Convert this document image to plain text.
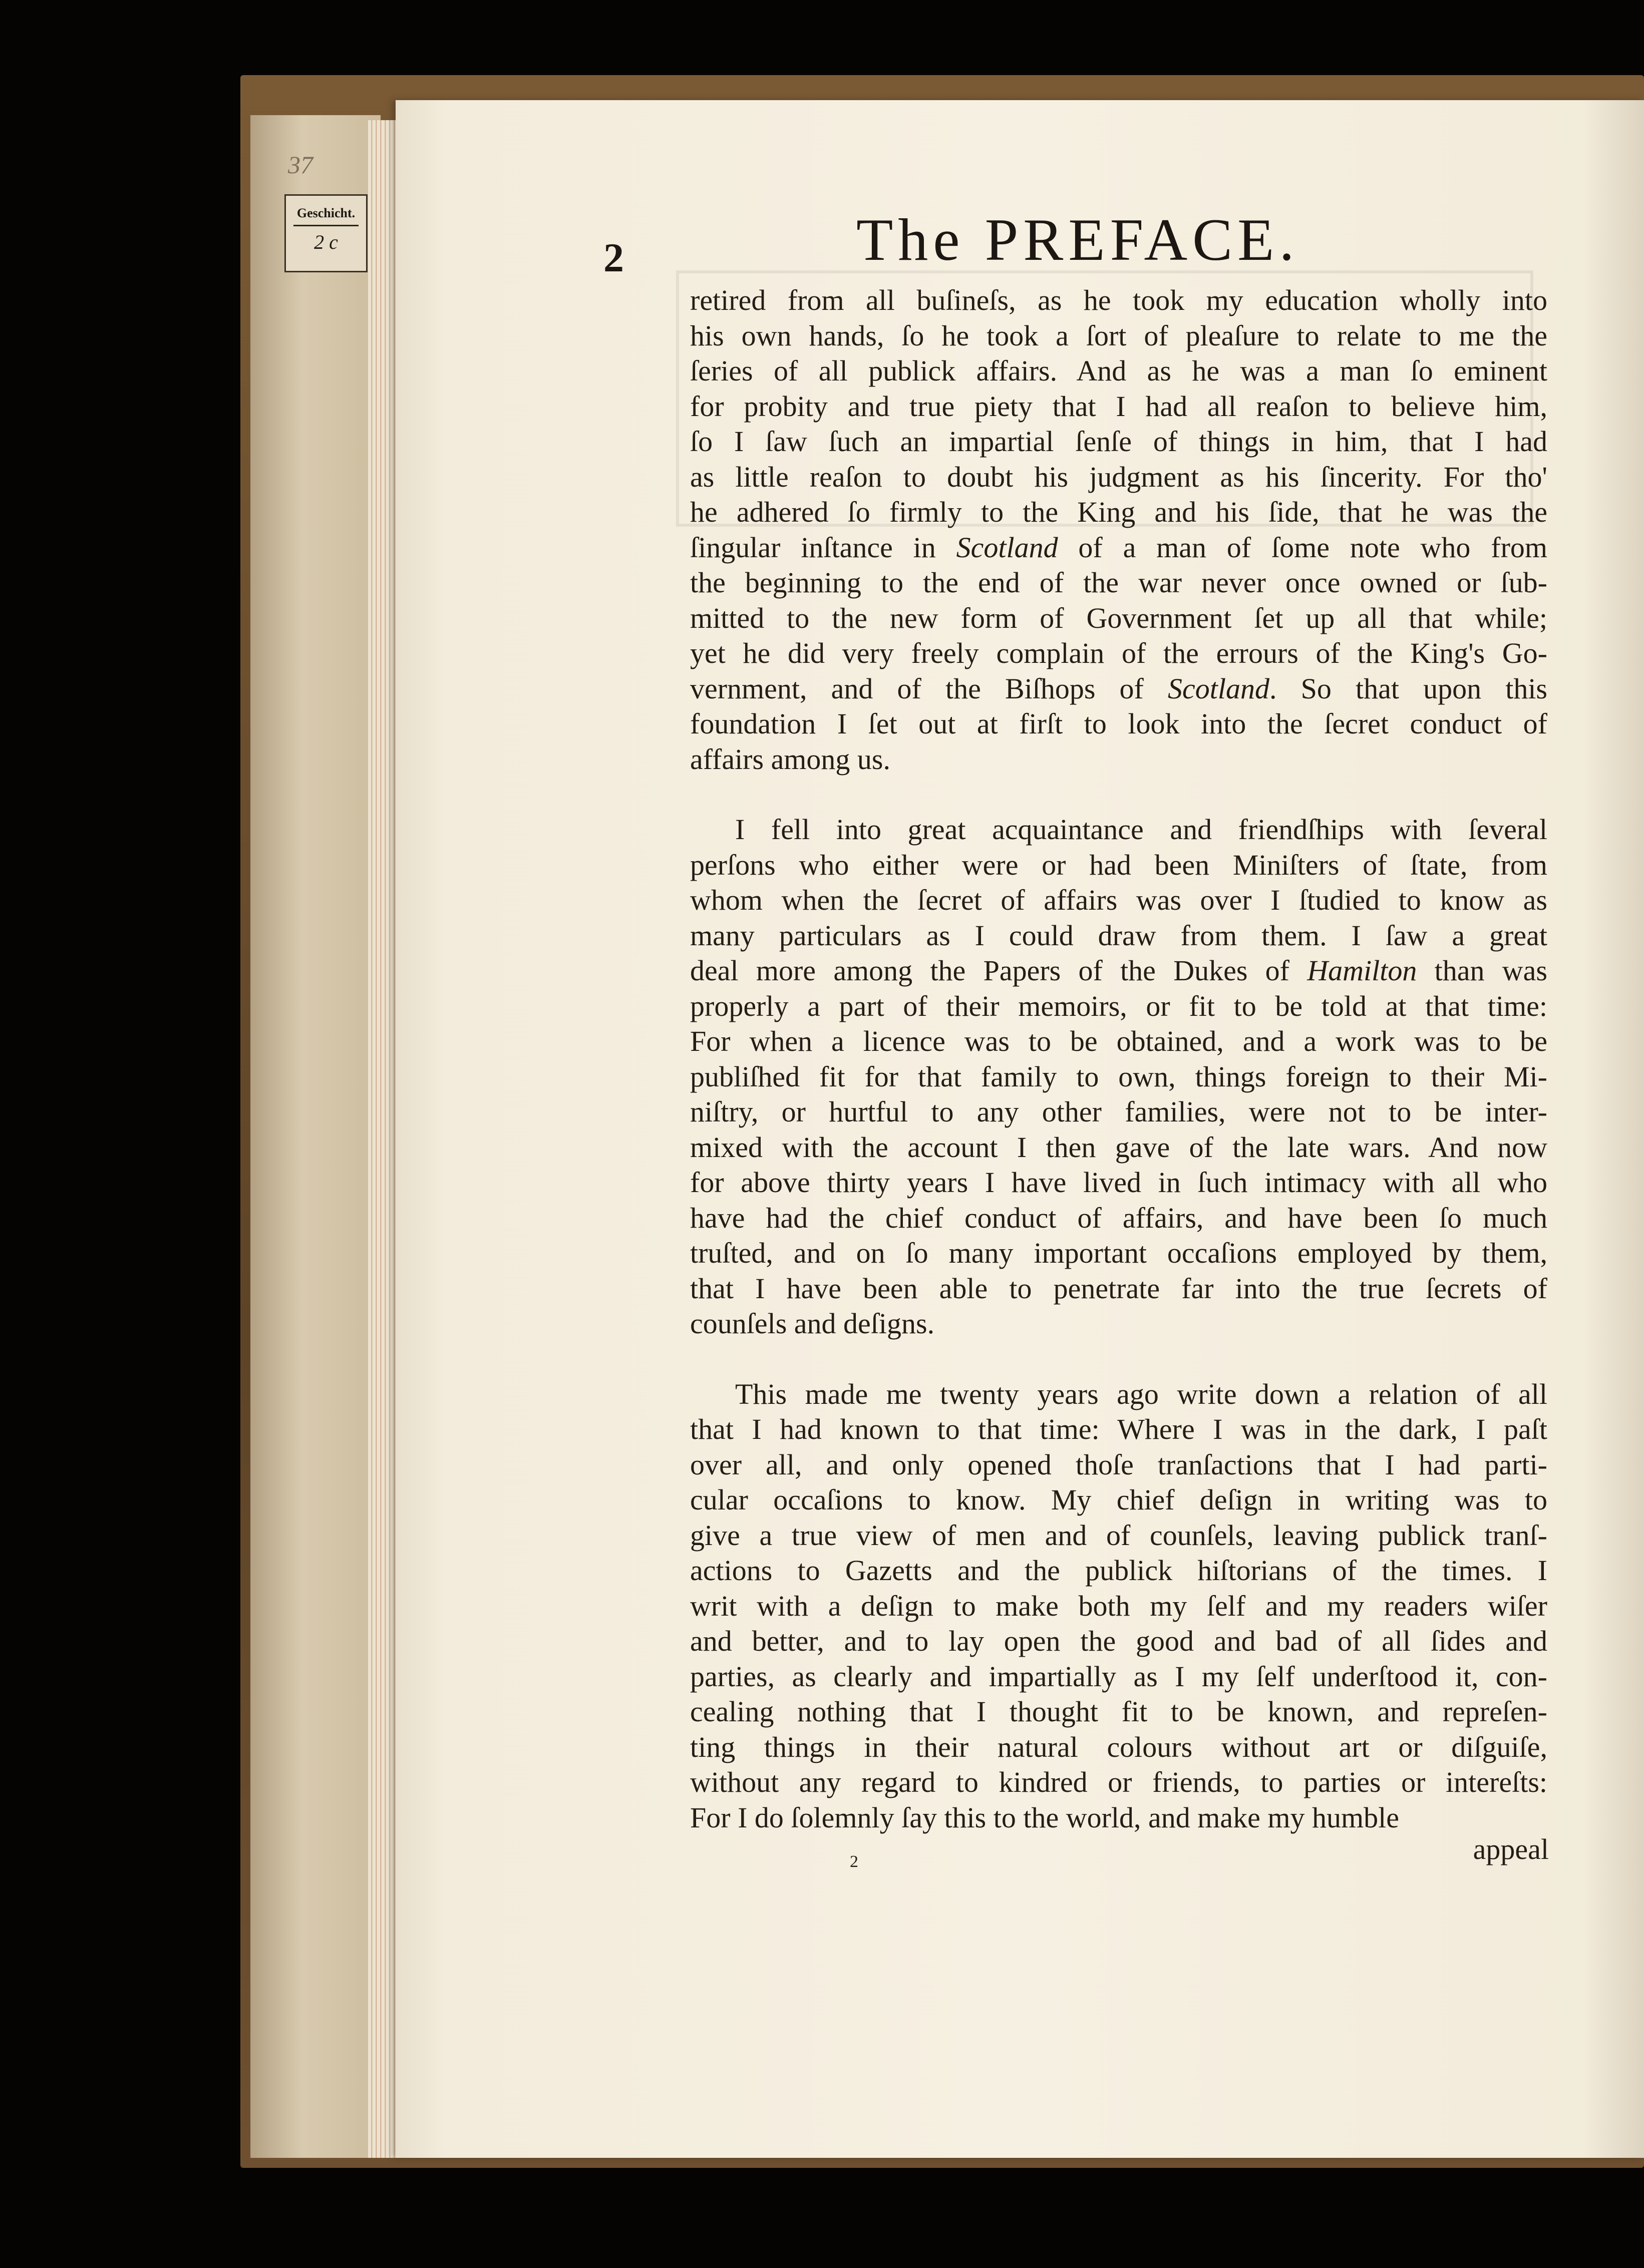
37
Geschicht.
2 c	2	The PREFACE.

retired from all buſineſs, as he took my education wholly into
his own hands, ſo he took a ſort of pleaſure to relate to me the
ſeries of all publick affairs. And as he was a man ſo eminent
for probity and true piety that I had all reaſon to believe him,
ſo I ſaw ſuch an impartial ſenſe of things in him, that I had
as little reaſon to doubt his judgment as his ſincerity. For tho'
he adhered ſo firmly to the King and his ſide, that he was the
ſingular inſtance in Scotland of a man of ſome note who from
the beginning to the end of the war never once owned or ſub-
mitted to the new form of Government ſet up all that while;
yet he did very freely complain of the errours of the King's Go-
vernment, and of the Biſhops of Scotland. So that upon this
foundation I ſet out at firſt to look into the ſecret conduct of
affairs among us.

I fell into great acquaintance and friendſhips with ſeveral
perſons who either were or had been Miniſters of ſtate, from
whom when the ſecret of affairs was over I ſtudied to know as
many particulars as I could draw from them. I ſaw a great
deal more among the Papers of the Dukes of Hamilton than was
properly a part of their memoirs, or fit to be told at that time:
For when a licence was to be obtained, and a work was to be
publiſhed fit for that family to own, things foreign to their Mi-
niſtry, or hurtful to any other families, were not to be inter-
mixed with the account I then gave of the late wars. And now
for above thirty years I have lived in ſuch intimacy with all who
have had the chief conduct of affairs, and have been ſo much
truſted, and on ſo many important occaſions employed by them,
that I have been able to penetrate far into the true ſecrets of
counſels and deſigns.

This made me twenty years ago write down a relation of all
that I had known to that time: Where I was in the dark, I paſt
over all, and only opened thoſe tranſactions that I had parti-
cular occaſions to know. My chief deſign in writing was to
give a true view of men and of counſels, leaving publick tranſ-
actions to Gazetts and the publick hiſtorians of the times. I
writ with a deſign to make both my ſelf and my readers wiſer
and better, and to lay open the good and bad of all ſides and
parties, as clearly and impartially as I my ſelf underſtood it, con-
cealing nothing that I thought fit to be known, and repreſen-
ting things in their natural colours without art or diſguiſe,
without any regard to kindred or friends, to parties or intereſts:
For I do ſolemnly ſay this to the world, and make my humble

2	appeal
